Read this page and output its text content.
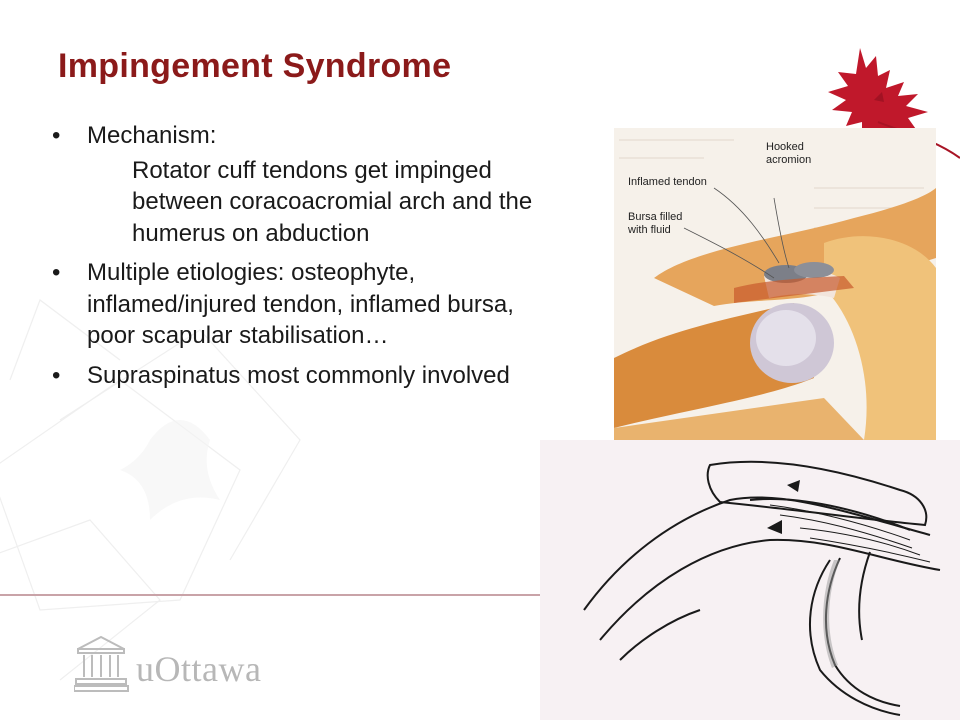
Impingement Syndrome
• Mechanism:
Rotator cuff tendons get impinged between coracoacromial arch and the humerus on abduction
• Multiple etiologies: osteophyte, inflamed/injured tendon, inflamed bursa, poor scapular stabilisation…
• Supraspinatus most commonly involved
uOttawa
Hooked
acromion
Inflamed tendon
Bursa filled
with fluid
